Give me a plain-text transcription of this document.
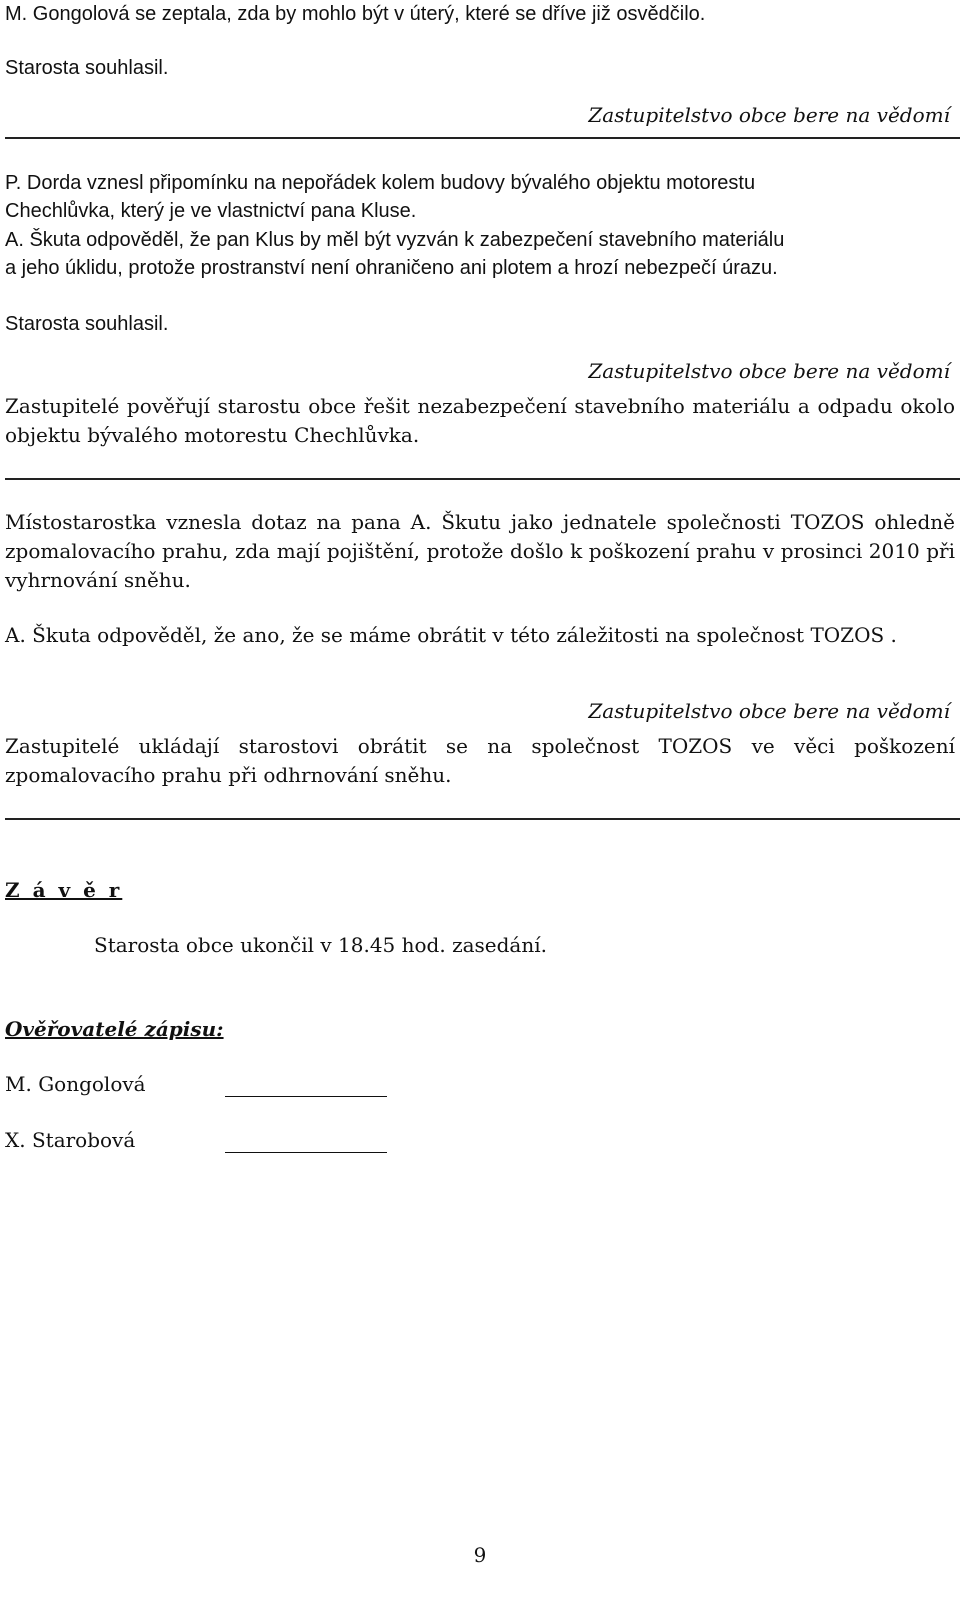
M. Gongolová se zeptala, zda by mohlo být v úterý, které se dříve již osvědčilo.

Starosta souhlasil.

Zastupitelstvo obce bere na vědomí

P. Dorda vznesl připomínku na nepořádek kolem budovy bývalého objektu motorestu

Chechlůvka, který je ve vlastnictví pana Kluse.

A. Škuta odpověděl, že pan Klus by měl být vyzván k zabezpečení stavebního materiálu

a jeho úklidu, protože prostranství není ohraničeno ani plotem a hrozí nebezpečí úrazu.

Starosta souhlasil.

Zastupitelstvo obce bere na vědomí

Zastupitelé pověřují starostu obce řešit nezabezpečení stavebního materiálu a odpadu okolo objektu bývalého motorestu Chechlůvka.

Místostarostka vznesla dotaz na pana A. Škutu jako jednatele společnosti TOZOS ohledně zpomalovacího prahu, zda mají pojištění, protože došlo k poškození prahu v prosinci 2010 při vyhrnování sněhu.

A. Škuta odpověděl, že ano, že se máme obrátit v této záležitosti na společnost TOZOS .

Zastupitelstvo obce bere na vědomí

Zastupitelé ukládají starostovi obrátit se na společnost TOZOS ve věci poškození zpomalovacího prahu při odhrnování sněhu.

Z á v ě r

Starosta obce ukončil v 18.45 hod. zasedání.

Ověřovatelé zápisu:

M. Gongolová

X. Starobová

9
